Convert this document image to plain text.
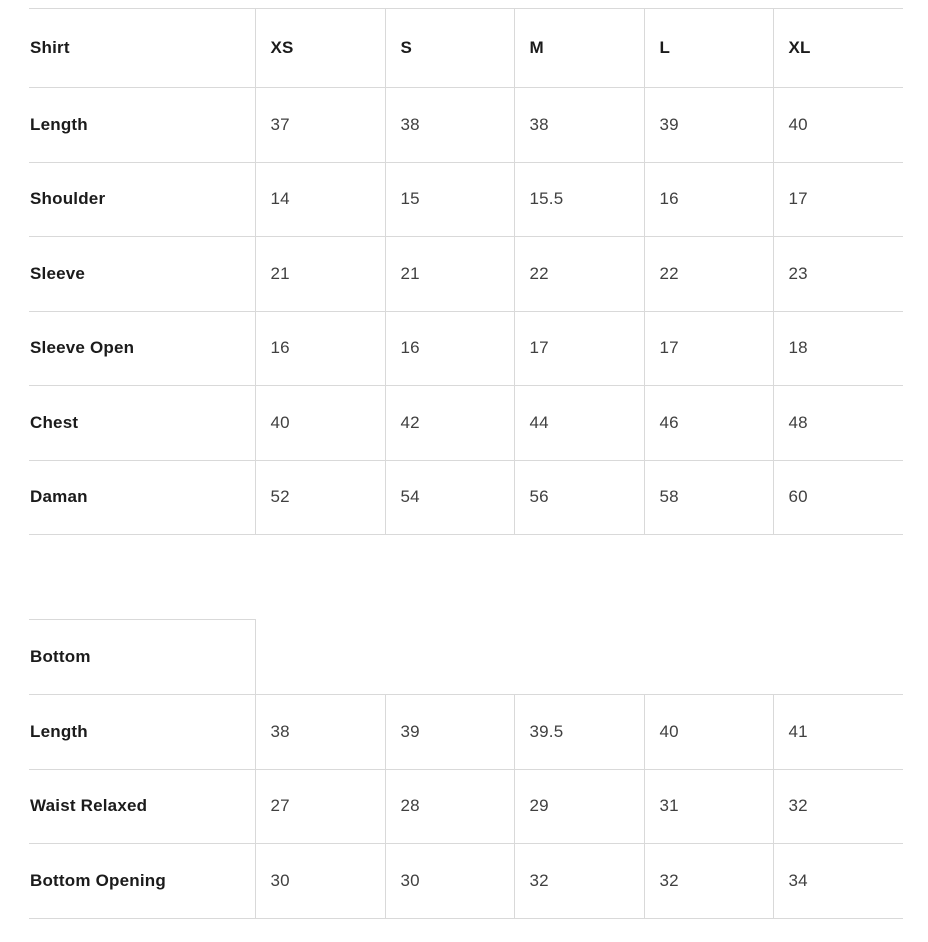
Shirt	XS	S	M	L	XL
Length	37	38	38	39	40
Shoulder	14	15	15.5	16	17
Sleeve	21	21	22	22	23
Sleeve Open	16	16	17	17	18
Chest	40	42	44	46	48
Daman	52	54	56	58	60
Bottom					
Length	38	39	39.5	40	41
Waist Relaxed	27	28	29	31	32
Bottom Opening	30	30	32	32	34
